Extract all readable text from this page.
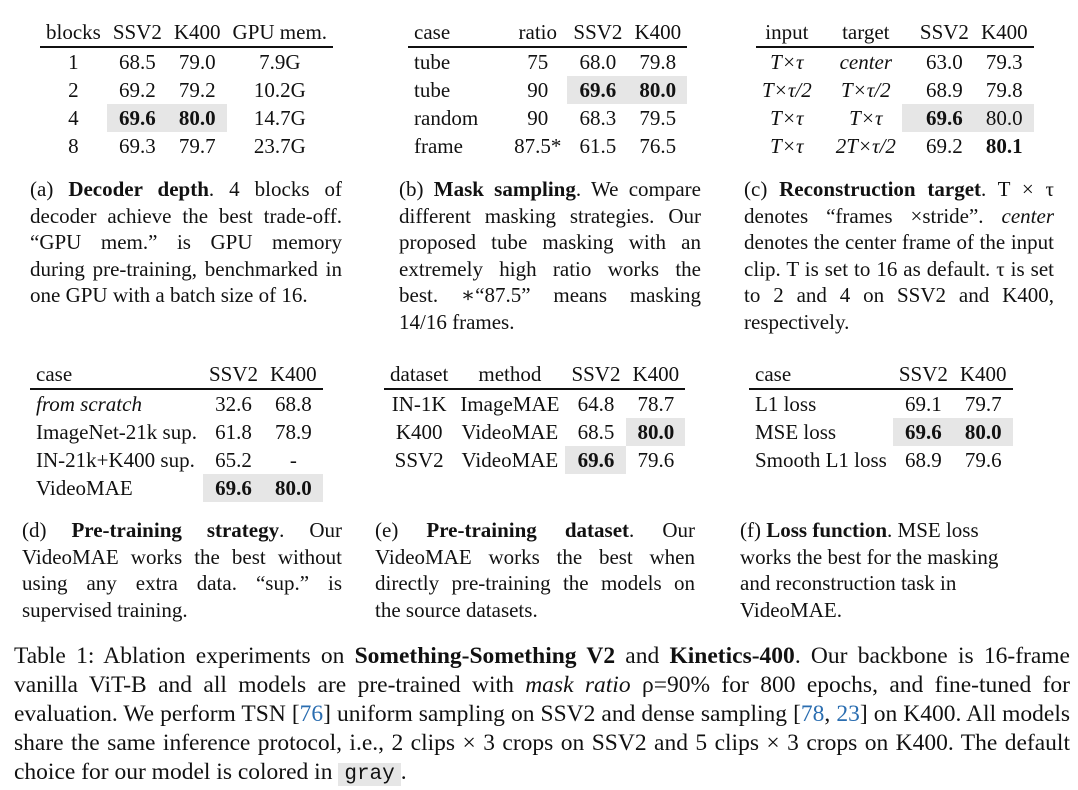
blocks	SSV2	K400	GPU mem.
1	68.5	79.0	7.9G
2	69.2	79.2	10.2G
4	69.6	80.0	14.7G
8	69.3	79.7	23.7G

(a) Decoder depth. 4 blocks of decoder achieve the best trade-off. “GPU mem.” is GPU memory during pre-training, benchmarked in one GPU with a batch size of 16.

case	ratio	SSV2	K400
tube	75	68.0	79.8
tube	90	69.6	80.0
random	90	68.3	79.5
frame	87.5*	61.5	76.5

(b) Mask sampling. We compare different masking strategies. Our proposed tube masking with an extremely high ratio works the best. ∗“87.5” means masking 14/16 frames.

input	target	SSV2	K400
T×τ	center	63.0	79.3
T×τ/2	T×τ/2	68.9	79.8
T×τ	T×τ	69.6	80.0
T×τ	2T×τ/2	69.2	80.1

(c) Reconstruction target. T × τ denotes “frames ×stride”. center denotes the center frame of the input clip. T is set to 16 as default. τ is set to 2 and 4 on SSV2 and K400, respectively.

case	SSV2	K400
from scratch	32.6	68.8
ImageNet-21k sup.	61.8	78.9
IN-21k+K400 sup.	65.2	-
VideoMAE	69.6	80.0

(d) Pre-training strategy. Our VideoMAE works the best without using any extra data. “sup.” is supervised training.

dataset	method	SSV2	K400
IN-1K	ImageMAE	64.8	78.7
K400	VideoMAE	68.5	80.0
SSV2	VideoMAE	69.6	79.6

(e) Pre-training dataset. Our VideoMAE works the best when directly pre-training the models on the source datasets.

case	SSV2	K400
L1 loss	69.1	79.7
MSE loss	69.6	80.0
Smooth L1 loss	68.9	79.6

(f) Loss function. MSE loss works the best for the masking and reconstruction task in VideoMAE.

Table 1: Ablation experiments on Something-Something V2 and Kinetics-400. Our backbone is 16-frame vanilla ViT-B and all models are pre-trained with mask ratio ρ=90% for 800 epochs, and fine-tuned for evaluation. We perform TSN [76] uniform sampling on SSV2 and dense sampling [78, 23] on K400. All models share the same inference protocol, i.e., 2 clips × 3 crops on SSV2 and 5 clips × 3 crops on K400. The default choice for our model is colored in gray .
